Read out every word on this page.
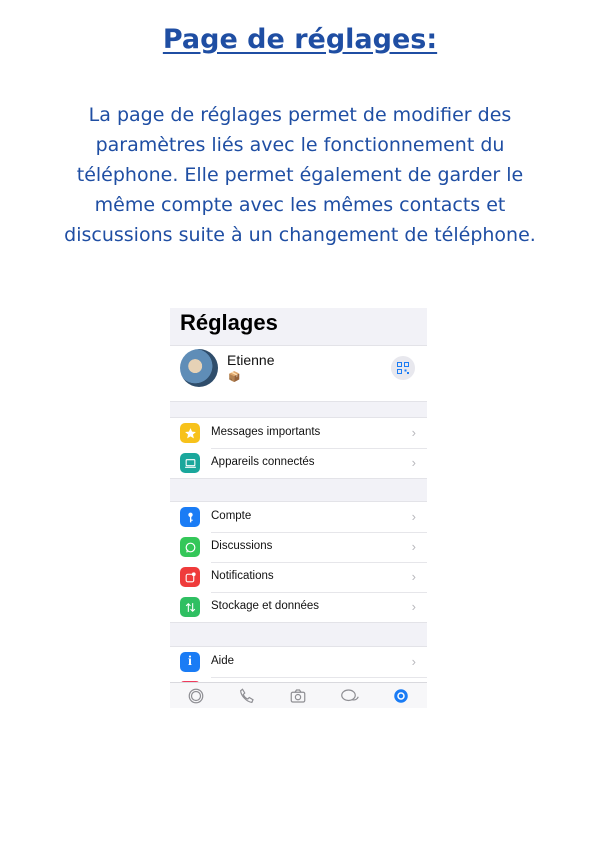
Page de réglages:
La page de réglages permet de modifier des paramètres liés avec le fonctionnement du téléphone. Elle permet également de garder le même compte avec les mêmes contacts et discussions suite à un changement de téléphone.
Réglages
Etienne
📦
Messages importants	›
Appareils connectés	›
Compte	›
Discussions	›
Notifications	›
Stockage et données	›
i Aide	›
